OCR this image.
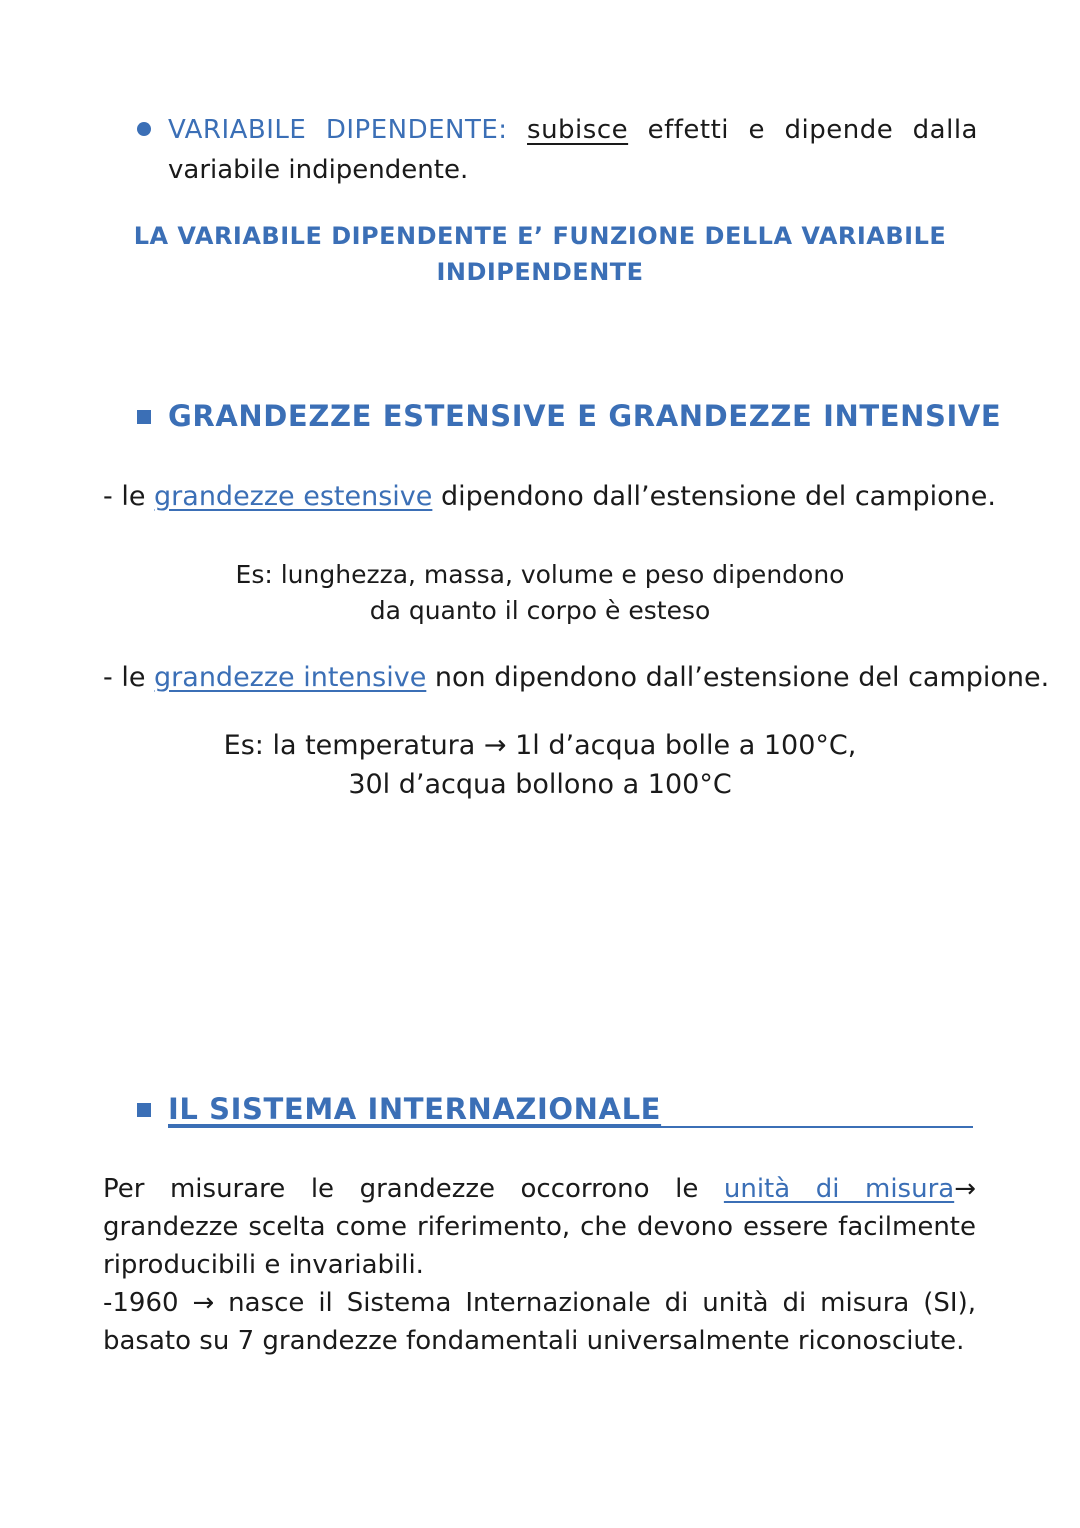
VARIABILE DIPENDENTE: subisce effetti e dipende dalla
variabile indipendente.
LA VARIABILE DIPENDENTE E’ FUNZIONE DELLA VARIABILE
INDIPENDENTE
GRANDEZZE ESTENSIVE E GRANDEZZE INTENSIVE
- le grandezze estensive dipendono dall’estensione del campione.
Es: lunghezza, massa, volume e peso dipendono
da quanto il corpo è esteso
- le grandezze intensive non dipendono dall’estensione del campione.
Es: la temperatura → 1l d’acqua bolle a 100°C,
30l d’acqua bollono a 100°C
IL SISTEMA INTERNAZIONALE

Per misurare le grandezze occorrono le unità di misura→ grandezze scelta come riferimento, che devono essere facilmente riproducibili e invariabili.

-1960 → nasce il Sistema Internazionale di unità di misura (SI), basato su 7 grandezze fondamentali universalmente riconosciute.
